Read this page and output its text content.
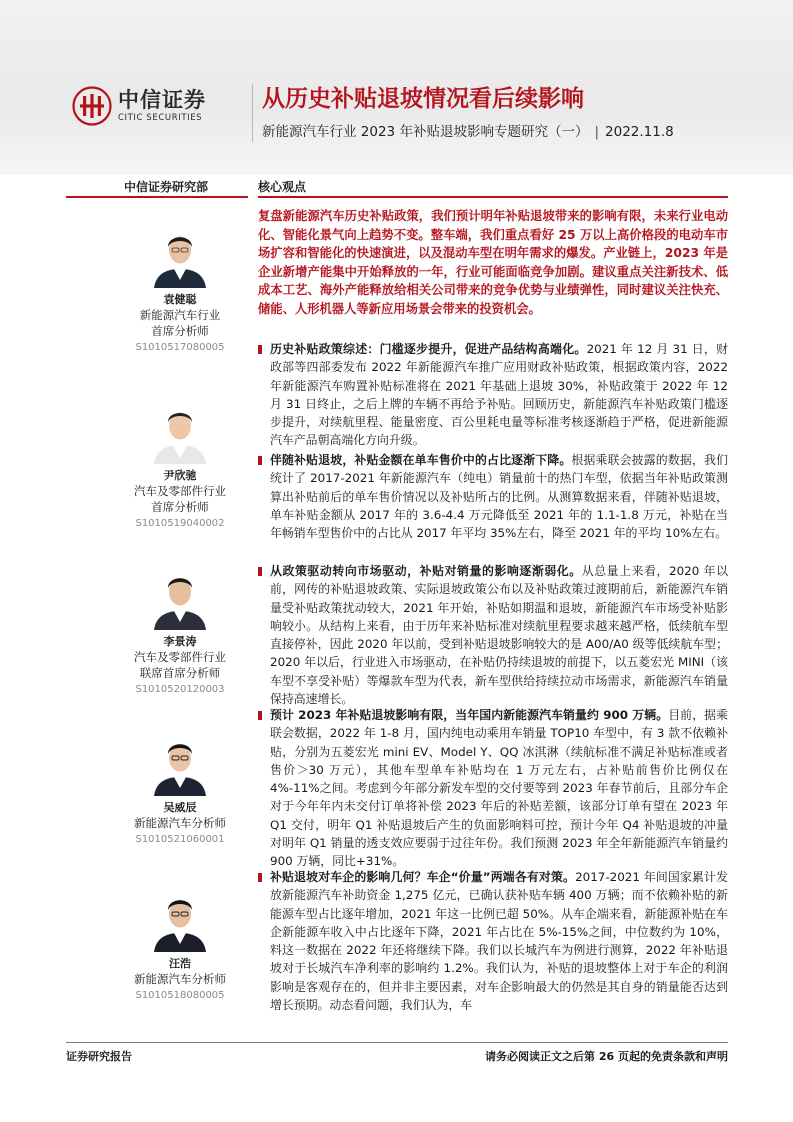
中信证券
CITIC SECURITIES
从历史补贴退坡情况看后续影响
新能源汽车行业 2023 年补贴退坡影响专题研究（一） | 2022.11.8
中信证券研究部	核心观点
袁健聪
新能源汽车行业
首席分析师
S1010517080005
尹欣驰
汽车及零部件行业
首席分析师
S1010519040002
李景涛
汽车及零部件行业
联席首席分析师
S1010520120003
吴威辰
新能源汽车分析师
S1010521060001
汪浩
新能源汽车分析师
S1010518080005

复盘新能源汽车历史补贴政策，我们预计明年补贴退坡带来的影响有限，未来行业电动化、智能化景气向上趋势不变。整车端，我们重点看好 25 万以上高价格段的电动车市场扩容和智能化的快速演进，以及混动车型在明年需求的爆发。产业链上，2023 年是企业新增产能集中开始释放的一年，行业可能面临竞争加剧。建议重点关注新技术、低成本工艺、海外产能释放给相关公司带来的竞争优势与业绩弹性，同时建议关注快充、储能、人形机器人等新应用场景会带来的投资机会。

历史补贴政策综述：门槛逐步提升，促进产品结构高端化。2021 年 12 月 31 日，财政部等四部委发布 2022 年新能源汽车推广应用财政补贴政策，根据政策内容，2022 年新能源汽车购置补贴标准将在 2021 年基础上退坡 30%，补贴政策于 2022 年 12 月 31 日终止，之后上牌的车辆不再给予补贴。回顾历史，新能源汽车补贴政策门槛逐步提升，对续航里程、能量密度、百公里耗电量等标准考核逐渐趋于严格，促进新能源汽车产品朝高端化方向升级。

伴随补贴退坡，补贴金额在单车售价中的占比逐渐下降。根据乘联会披露的数据，我们统计了 2017-2021 年新能源汽车（纯电）销量前十的热门车型，依据当年补贴政策测算出补贴前后的单车售价情况以及补贴所占的比例。从测算数据来看，伴随补贴退坡，单车补贴金额从 2017 年的 3.6-4.4 万元降低至 2021 年的 1.1-1.8 万元，补贴在当年畅销车型售价中的占比从 2017 年平均 35%左右，降至 2021 年的平均 10%左右。

从政策驱动转向市场驱动，补贴对销量的影响逐渐弱化。从总量上来看，2020 年以前，网传的补贴退坡政策、实际退坡政策公布以及补贴政策过渡期前后，新能源汽车销量受补贴政策扰动较大，2021 年开始，补贴如期温和退坡，新能源汽车市场受补贴影响较小。从结构上来看，由于历年来补贴标准对续航里程要求越来越严格，低续航车型直接停补，因此 2020 年以前，受到补贴退坡影响较大的是 A00/A0 级等低续航车型；2020 年以后，行业进入市场驱动，在补贴仍持续退坡的前提下，以五菱宏光 MINI（该车型不享受补贴）等爆款车型为代表，新车型供给持续拉动市场需求，新能源汽车销量保持高速增长。

预计 2023 年补贴退坡影响有限，当年国内新能源汽车销量约 900 万辆。目前，据乘联会数据，2022 年 1-8 月，国内纯电动乘用车销量 TOP10 车型中，有 3 款不依赖补贴，分别为五菱宏光 mini EV、Model Y、QQ 冰淇淋（续航标准不满足补贴标准或者售价＞30 万元），其他车型单车补贴均在 1 万元左右，占补贴前售价比例仅在 4%-11%之间。考虑到今年部分新发车型的交付要等到 2023 年春节前后，且部分车企对于今年年内未交付订单将补偿 2023 年后的补贴差额，该部分订单有望在 2023 年 Q1 交付，明年 Q1 补贴退坡后产生的负面影响料可控，预计今年 Q4 补贴退坡的冲量对明年 Q1 销量的透支效应要弱于过往年份。我们预测 2023 年全年新能源汽车销量约 900 万辆，同比+31%。

补贴退坡对车企的影响几何？车企“价量”两端各有对策。2017-2021 年间国家累计发放新能源汽车补助资金 1,275 亿元，已确认获补贴车辆 400 万辆；而不依赖补贴的新能源车型占比逐年增加，2021 年这一比例已超 50%。从车企端来看，新能源补贴在车企新能源车收入中占比逐年下降，2021 年占比在 5%-15%之间，中位数约为 10%，料这一数据在 2022 年还将继续下降。我们以长城汽车为例进行测算，2022 年补贴退坡对于长城汽车净利率的影响约 1.2%。我们认为，补贴的退坡整体上对于车企的利润影响是客观存在的，但并非主要因素，对车企影响最大的仍然是其自身的销量能否达到增长预期。动态看问题，我们认为，车

证券研究报告	请务必阅读正文之后第 26 页起的免责条款和声明
